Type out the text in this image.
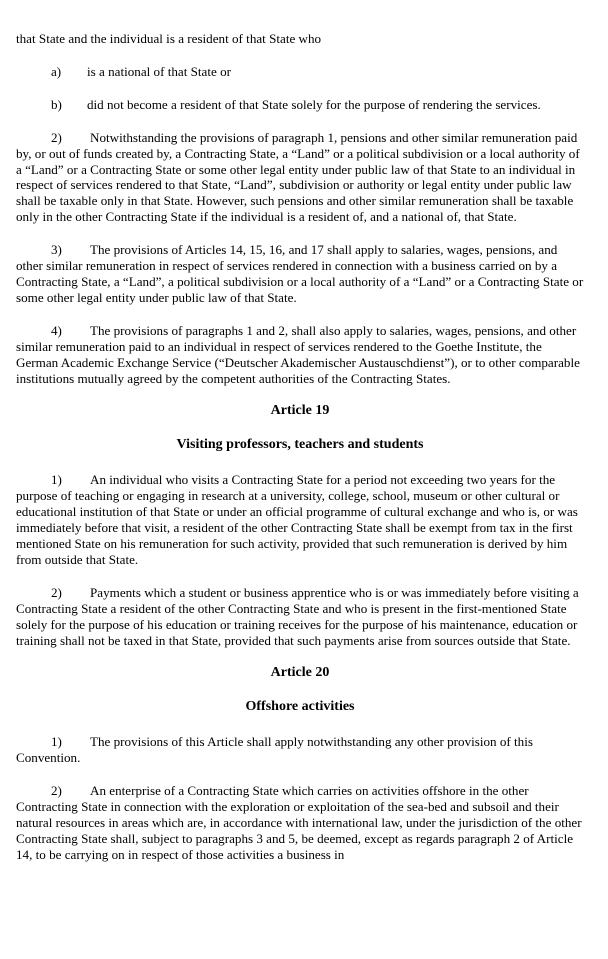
that State and the individual is a resident of that State who

a)	is a national of that State or
b)	did not become a resident of that State solely for the purpose of rendering the services.

2) Notwithstanding the provisions of paragraph 1, pensions and other similar remuneration paid by, or out of funds created by, a Contracting State, a “Land” or a political subdivision or a local authority of a “Land” or a Contracting State or some other legal entity under public law of that State to an individual in respect of services rendered to that State, “Land”, subdivision or authority or legal entity under public law shall be taxable only in that State. However, such pensions and other similar remuneration shall be taxable only in the other Contracting State if the individual is a resident of, and a national of, that State.

3) The provisions of Articles 14, 15, 16, and 17 shall apply to salaries, wages, pensions, and other similar remuneration in respect of services rendered in connection with a business carried on by a Contracting State, a “Land”, a political subdivision or a local authority of a “Land” or a Contracting State or some other legal entity under public law of that State.

4) The provisions of paragraphs 1 and 2, shall also apply to salaries, wages, pensions, and other similar remuneration paid to an individual in respect of services rendered to the Goethe Institute, the German Academic Exchange Service (“Deutscher Akademischer Austauschdienst”), or to other comparable institutions mutually agreed by the competent authorities of the Contracting States.

Article 19
Visiting professors, teachers and students

1) An individual who visits a Contracting State for a period not exceeding two years for the purpose of teaching or engaging in research at a university, college, school, museum or other cultural or educational institution of that State or under an official programme of cultural exchange and who is, or was immediately before that visit, a resident of the other Contracting State shall be exempt from tax in the first mentioned State on his remuneration for such activity, provided that such remuneration is derived by him from outside that State.

2) Payments which a student or business apprentice who is or was immediately before visiting a Contracting State a resident of the other Contracting State and who is present in the first-mentioned State solely for the purpose of his education or training receives for the purpose of his maintenance, education or training shall not be taxed in that State, provided that such payments arise from sources outside that State.

Article 20
Offshore activities

1) The provisions of this Article shall apply notwithstanding any other provision of this Convention.

2) An enterprise of a Contracting State which carries on activities offshore in the other Contracting State in connection with the exploration or exploitation of the sea-bed and subsoil and their natural resources in areas which are, in accordance with international law, under the jurisdiction of the other Contracting State shall, subject to paragraphs 3 and 5, be deemed, except as regards paragraph 2 of Article 14, to be carrying on in respect of those activities a business in
